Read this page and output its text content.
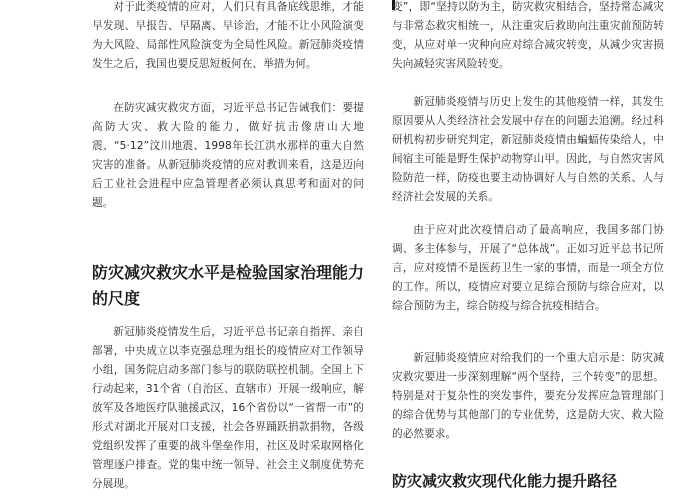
对于此类疫情的应对，人们只有具备底线思维，才能早发现、早报告、早隔离、早诊治，才能不让小风险演变为大风险、局部性风险演变为全局性风险。新冠肺炎疫情发生之后，我国也要反思短板何在、举措为何。

在防灾减灾救灾方面，习近平总书记告诫我们：要提高防大灾、救大险的能力，做好抗击像唐山大地震、“5·12”汶川地震、1998年长江洪水那样的重大自然灾害的准备。从新冠肺炎疫情的应对教训来看，这是迈向后工业社会进程中应急管理者必须认真思考和面对的问题。

防灾减灾救灾水平是检验国家治理能力的尺度

新冠肺炎疫情发生后，习近平总书记亲自指挥、亲自部署，中央成立以李克强总理为组长的疫情应对工作领导小组，国务院启动多部门参与的联防联控机制。全国上下行动起来，31个省（自治区、直辖市）开展一级响应，解放军及各地医疗队驰援武汉，16个省份以“一省帮一市”的形式对湖北开展对口支援，社会各界踊跃捐款捐物，各级党组织发挥了重要的战斗堡垒作用，社区及时采取网格化管理逐户排查。党的集中统一领导、社会主义制度优势充分展现。

变”，即“坚持以防为主，防灾救灾相结合，坚持常态减灾与非常态救灾相统一，从注重灾后救助向注重灾前预防转变，从应对单一灾种向应对综合减灾转变，从减少灾害损失向减轻灾害风险转变。

新冠肺炎疫情与历史上发生的其他疫情一样，其发生原因要从人类经济社会发展中存在的问题去追溯。经过科研机构初步研究判定，新冠肺炎疫情由蝙蝠传染给人，中间宿主可能是野生保护动物穿山甲。因此，与自然灾害风险防范一样，防疫也要主动协调好人与自然的关系、人与经济社会发展的关系。

由于应对此次疫情启动了最高响应，我国多部门协调、多主体参与，开展了“总体战”。正如习近平总书记所言，应对疫情不是医药卫生一家的事情，而是一项全方位的工作。所以，疫情应对要立足综合预防与综合应对，以综合预防为主，综合防疫与综合抗疫相结合。

新冠肺炎疫情应对给我们的一个重大启示是：防灾减灾救灾要进一步深刻理解“两个坚持，三个转变”的思想。特别是对于复杂性的突发事件，要充分发挥应急管理部门的综合优势与其他部门的专业优势，这是防大灾、救大险的必然要求。

防灾减灾救灾现代化能力提升路径
